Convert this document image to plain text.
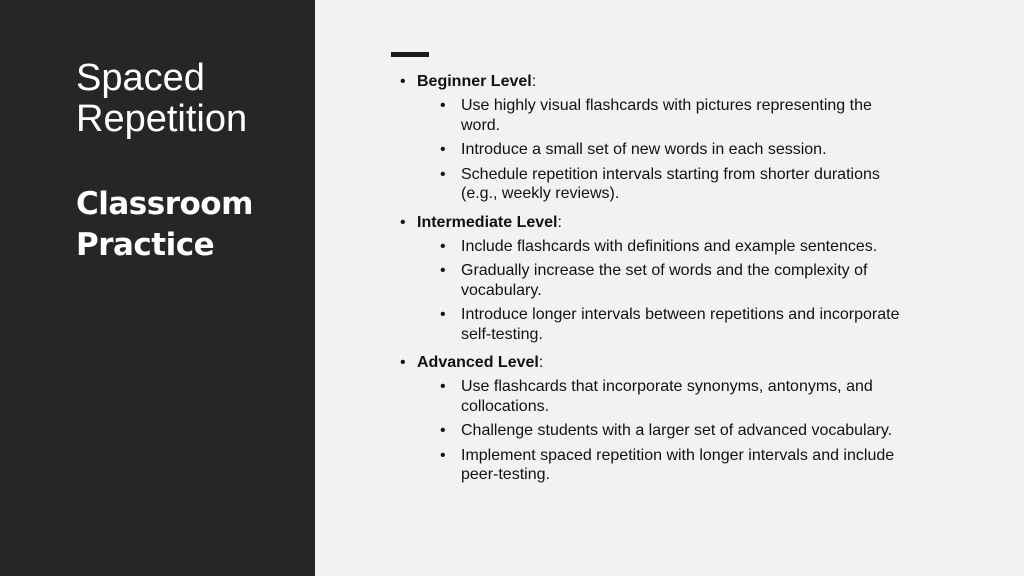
Spaced Repetition
Classroom Practice
• Beginner Level:
• Use highly visual flashcards with pictures representing the word.
• Introduce a small set of new words in each session.
• Schedule repetition intervals starting from shorter durations (e.g., weekly reviews).
• Intermediate Level:
• Include flashcards with definitions and example sentences.
• Gradually increase the set of words and the complexity of vocabulary.
• Introduce longer intervals between repetitions and incorporate self-testing.
• Advanced Level:
• Use flashcards that incorporate synonyms, antonyms, and collocations.
• Challenge students with a larger set of advanced vocabulary.
• Implement spaced repetition with longer intervals and include peer-testing.
